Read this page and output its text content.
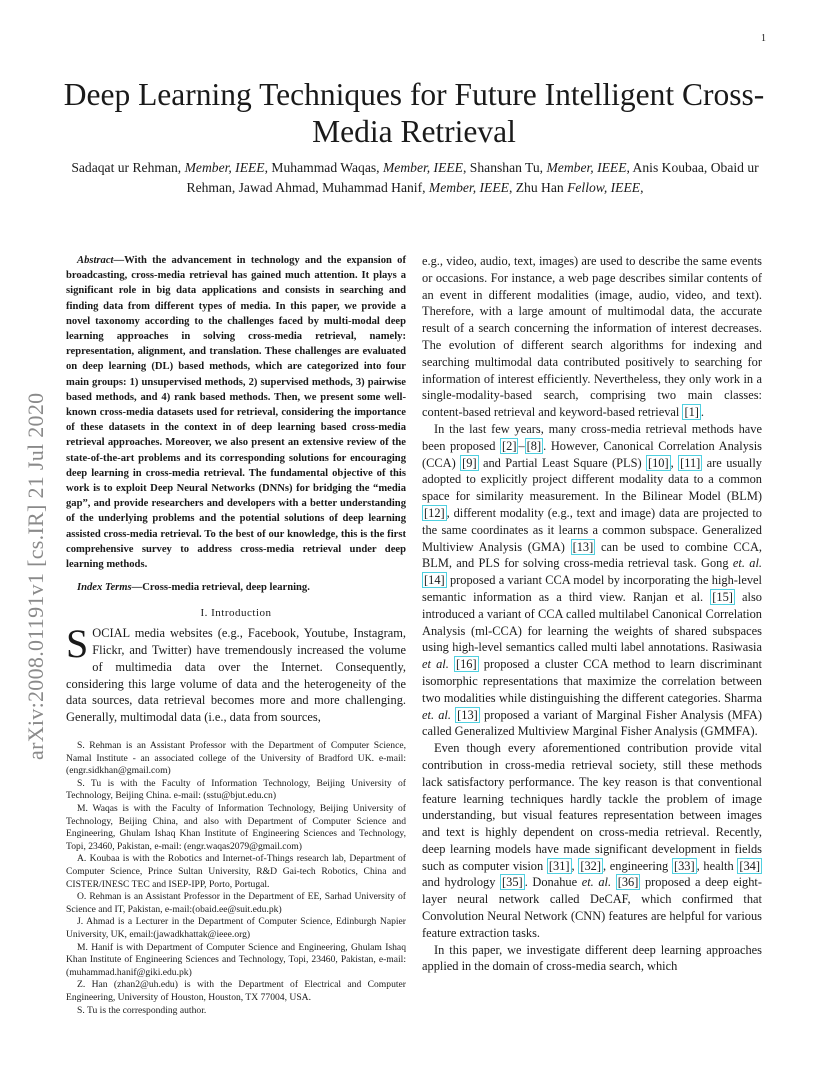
1
arXiv:2008.01191v1 [cs.IR] 21 Jul 2020
Deep Learning Techniques for Future Intelligent Cross-Media Retrieval
Sadaqat ur Rehman, Member, IEEE, Muhammad Waqas, Member, IEEE, Shanshan Tu, Member, IEEE, Anis Koubaa, Obaid ur Rehman, Jawad Ahmad, Muhammad Hanif, Member, IEEE, Zhu Han Fellow, IEEE,

Abstract—With the advancement in technology and the expansion of broadcasting, cross-media retrieval has gained much attention. It plays a significant role in big data applications and consists in searching and finding data from different types of media. In this paper, we provide a novel taxonomy according to the challenges faced by multi-modal deep learning approaches in solving cross-media retrieval, namely: representation, alignment, and translation. These challenges are evaluated on deep learning (DL) based methods, which are categorized into four main groups: 1) unsupervised methods, 2) supervised methods, 3) pairwise based methods, and 4) rank based methods. Then, we present some well-known cross-media datasets used for retrieval, considering the importance of these datasets in the context in of deep learning based cross-media retrieval approaches. Moreover, we also present an extensive review of the state-of-the-art problems and its corresponding solutions for encouraging deep learning in cross-media retrieval. The fundamental objective of this work is to exploit Deep Neural Networks (DNNs) for bridging the “media gap”, and provide researchers and developers with a better understanding of the underlying problems and the potential solutions of deep learning assisted cross-media retrieval. To the best of our knowledge, this is the first comprehensive survey to address cross-media retrieval under deep learning methods.

Index Terms—Cross-media retrieval, deep learning.

I. Introduction

SOCIAL media websites (e.g., Facebook, Youtube, Instagram, Flickr, and Twitter) have tremendously increased the volume of multimedia data over the Internet. Consequently, considering this large volume of data and the heterogeneity of the data sources, data retrieval becomes more and more challenging. Generally, multimodal data (i.e., data from sources,

S. Rehman is an Assistant Professor with the Department of Computer Science, Namal Institute - an associated college of the University of Bradford UK. e-mail: (engr.sidkhan@gmail.com)

S. Tu is with the Faculty of Information Technology, Beijing University of Technology, Beijing China. e-mail: (sstu@bjut.edu.cn)

M. Waqas is with the Faculty of Information Technology, Beijing University of Technology, Beijing China, and also with Department of Computer Science and Engineering, Ghulam Ishaq Khan Institute of Engineering Sciences and Technology, Topi, 23460, Pakistan, e-mail: (engr.waqas2079@gmail.com)

A. Koubaa is with the Robotics and Internet-of-Things research lab, Department of Computer Science, Prince Sultan University, R&D Gai-tech Robotics, China and CISTER/INESC TEC and ISEP-IPP, Porto, Portugal.

O. Rehman is an Assistant Professor in the Department of EE, Sarhad University of Science and IT, Pakistan, e-mail:(obaid.ee@suit.edu.pk)

J. Ahmad is a Lecturer in the Department of Computer Science, Edinburgh Napier University, UK, email:(jawadkhattak@ieee.org)

M. Hanif is with Department of Computer Science and Engineering, Ghulam Ishaq Khan Institute of Engineering Sciences and Technology, Topi, 23460, Pakistan, e-mail: (muhammad.hanif@giki.edu.pk)

Z. Han (zhan2@uh.edu) is with the Department of Electrical and Computer Engineering, University of Houston, Houston, TX 77004, USA.

S. Tu is the corresponding author.

e.g., video, audio, text, images) are used to describe the same events or occasions. For instance, a web page describes similar contents of an event in different modalities (image, audio, video, and text). Therefore, with a large amount of multimodal data, the accurate result of a search concerning the information of interest decreases. The evolution of different search algorithms for indexing and searching multimodal data contributed positively to searching for information of interest efficiently. Nevertheless, they only work in a single-modality-based search, comprising two main classes: content-based retrieval and keyword-based retrieval [1] .

In the last few years, many cross-media retrieval methods have been proposed [2] – [8] . However, Canonical Correlation Analysis (CCA) [9] and Partial Least Square (PLS) [10] , [11] are usually adopted to explicitly project different modality data to a common space for similarity measurement. In the Bilinear Model (BLM) [12] , different modality (e.g., text and image) data are projected to the same coordinates as it learns a common subspace. Generalized Multiview Analysis (GMA) [13] can be used to combine CCA, BLM, and PLS for solving cross-media retrieval task. Gong et. al. [14] proposed a variant CCA model by incorporating the high-level semantic information as a third view. Ranjan et al. [15] also introduced a variant of CCA called multilabel Canonical Correlation Analysis (ml-CCA) for learning the weights of shared subspaces using high-level semantics called multi label annotations. Rasiwasia et al. [16] proposed a cluster CCA method to learn discriminant isomorphic representations that maximize the correlation between two modalities while distinguishing the different categories. Sharma et. al. [13] proposed a variant of Marginal Fisher Analysis (MFA) called Generalized Multiview Marginal Fisher Analysis (GMMFA).

Even though every aforementioned contribution provide vital contribution in cross-media retrieval society, still these methods lack satisfactory performance. The key reason is that conventional feature learning techniques hardly tackle the problem of image understanding, but visual features representation between images and text is highly dependent on cross-media retrieval. Recently, deep learning models have made significant development in fields such as computer vision [31] , [32] , engineering [33] , health [34] and hydrology [35] . Donahue et. al. [36] proposed a deep eight-layer neural network called DeCAF, which confirmed that Convolution Neural Network (CNN) features are helpful for various feature extraction tasks.

In this paper, we investigate different deep learning approaches applied in the domain of cross-media search, which
